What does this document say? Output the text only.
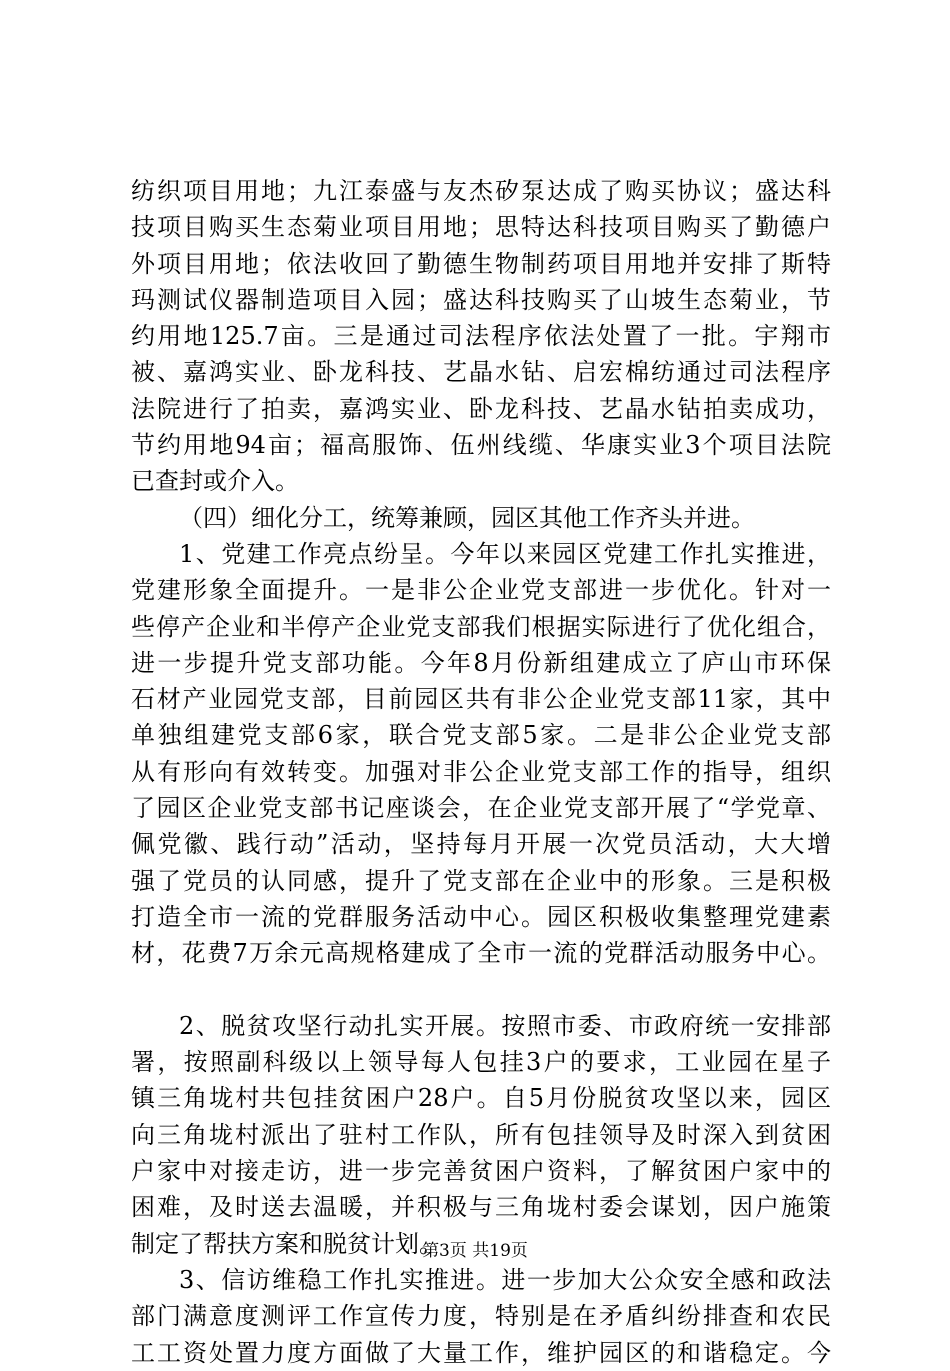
纺织项目用地；九江泰盛与友杰矽泵达成了购买协议；盛达科
技项目购买生态菊业项目用地；思特达科技项目购买了勤德户
外项目用地；依法收回了勤德生物制药项目用地并安排了斯特
玛测试仪器制造项目入园；盛达科技购买了山坡生态菊业，节
约用地125.7亩。三是通过司法程序依法处置了一批。宇翔市
被、嘉鸿实业、卧龙科技、艺晶水钻、启宏棉纺通过司法程序
法院进行了拍卖，嘉鸿实业、卧龙科技、艺晶水钻拍卖成功，
节约用地94亩；福高服饰、伍州线缆、华康实业3个项目法院
已查封或介入。
（四）细化分工，统筹兼顾，园区其他工作齐头并进。
1、党建工作亮点纷呈。今年以来园区党建工作扎实推进，
党建形象全面提升。一是非公企业党支部进一步优化。针对一
些停产企业和半停产企业党支部我们根据实际进行了优化组合，
进一步提升党支部功能。今年8月份新组建成立了庐山市环保
石材产业园党支部，目前园区共有非公企业党支部11家，其中
单独组建党支部6家，联合党支部5家。二是非公企业党支部
从有形向有效转变。加强对非公企业党支部工作的指导，组织
了园区企业党支部书记座谈会，在企业党支部开展了“学党章、
佩党徽、践行动”活动，坚持每月开展一次党员活动，大大增
强了党员的认同感，提升了党支部在企业中的形象。三是积极
打造全市一流的党群服务活动中心。园区积极收集整理党建素
材，花费7万余元高规格建成了全市一流的党群活动服务中心。
2、脱贫攻坚行动扎实开展。按照市委、市政府统一安排部
署，按照副科级以上领导每人包挂3户的要求，工业园在星子
镇三角垅村共包挂贫困户28户。自5月份脱贫攻坚以来，园区
向三角垅村派出了驻村工作队，所有包挂领导及时深入到贫困
户家中对接走访，进一步完善贫困户资料，了解贫困户家中的
困难，及时送去温暖，并积极与三角垅村委会谋划，因户施策
制定了帮扶方案和脱贫计划。
3、信访维稳工作扎实推进。进一步加大公众安全感和政法
部门满意度测评工作宣传力度，特别是在矛盾纠纷排查和农民
工工资处置力度方面做了大量工作，维护园区的和谐稳定。今
第3页 共19页
